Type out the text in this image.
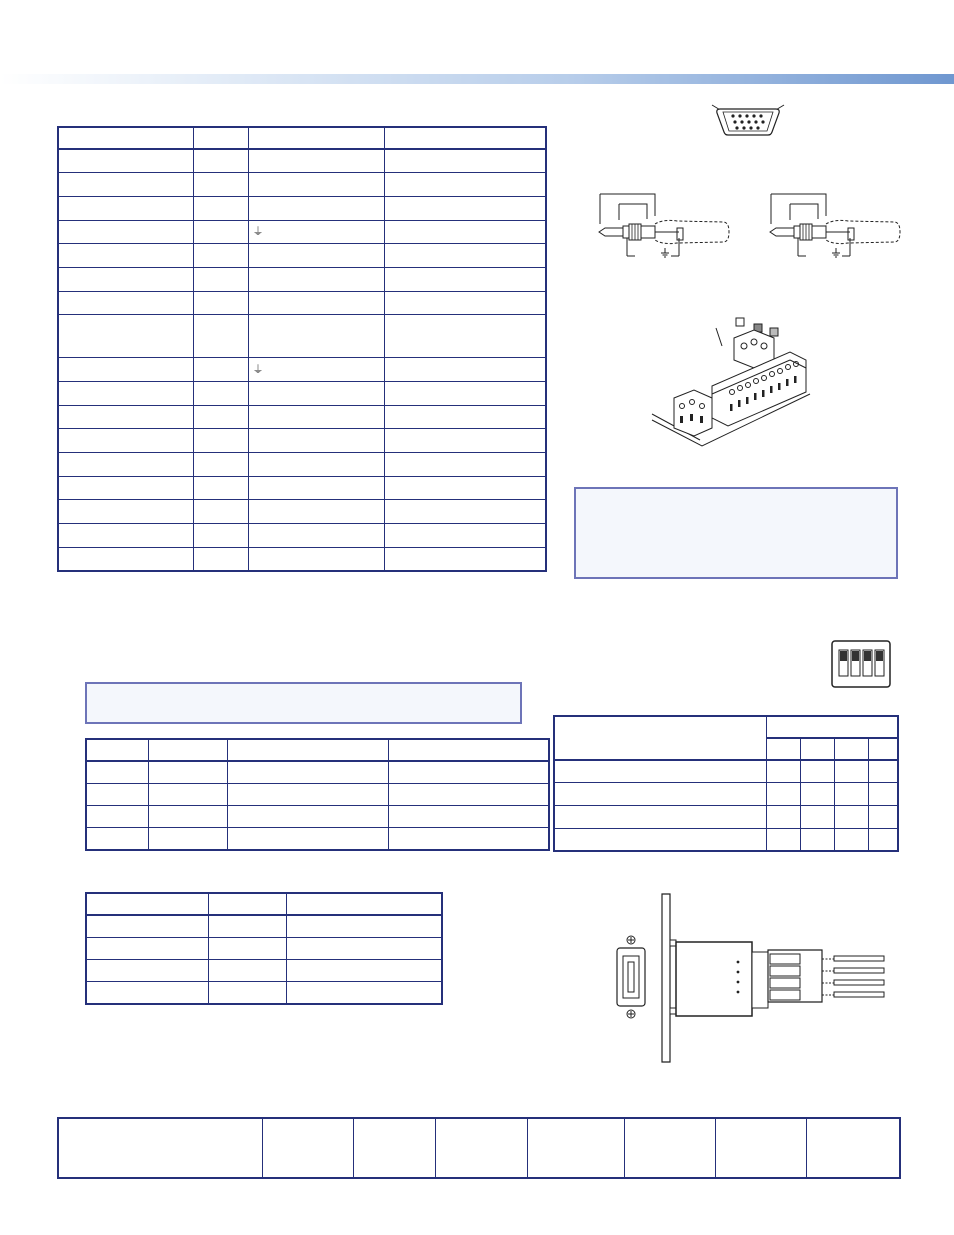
		⏚	

		⏚	
